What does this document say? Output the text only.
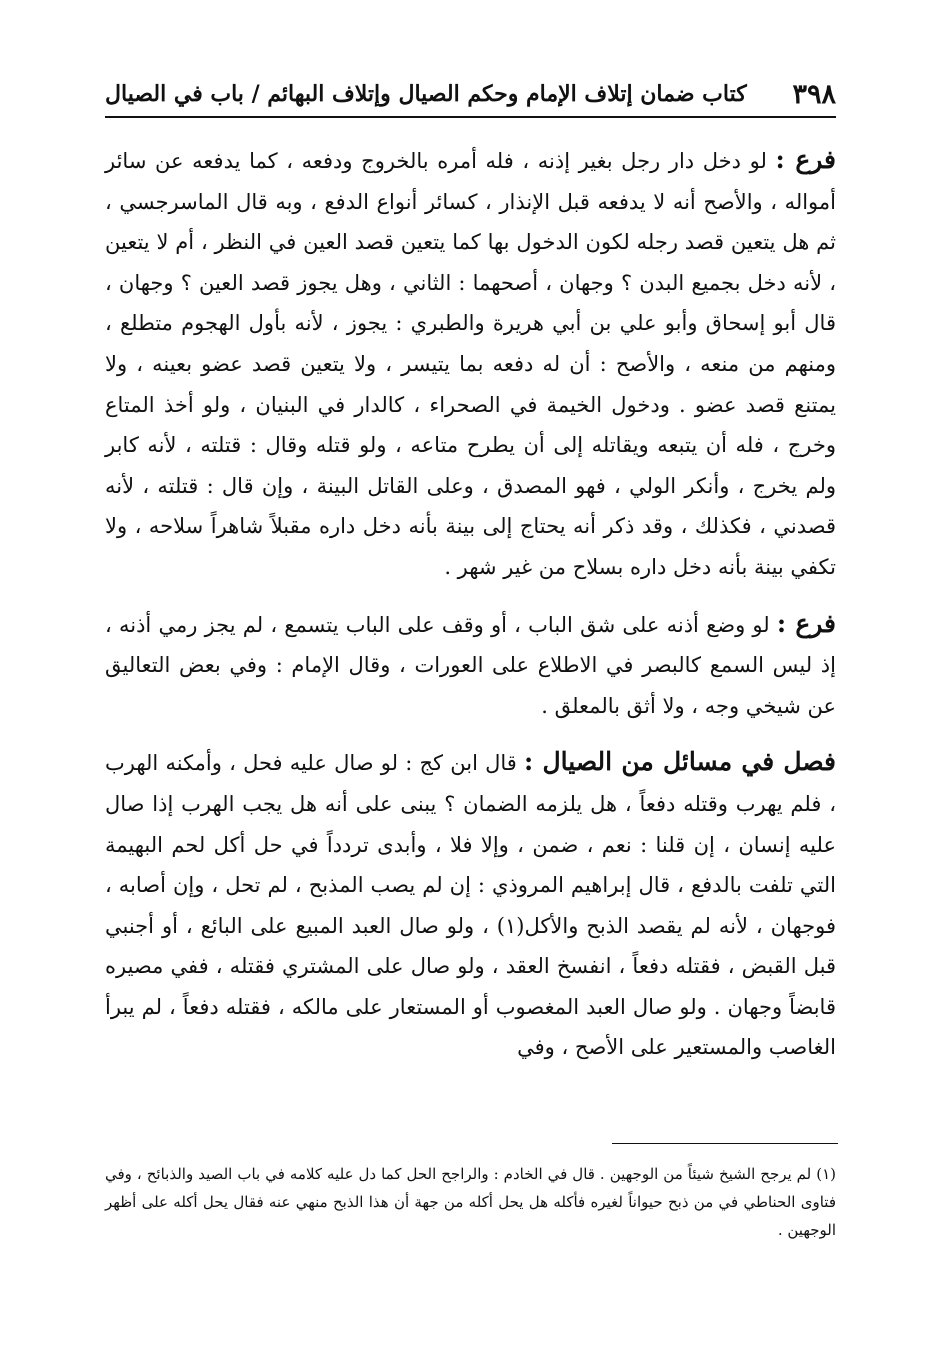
٣٩٨
كتاب ضمان إتلاف الإمام وحكم الصيال وإتلاف البهائم / باب في الصيال

فرع : لو دخل دار رجل بغير إذنه ، فله أمره بالخروج ودفعه ، كما يدفعه عن سائر أمواله ، والأصح أنه لا يدفعه قبل الإنذار ، كسائر أنواع الدفع ، وبه قال الماسرجسي ، ثم هل يتعين قصد رجله لكون الدخول بها كما يتعين قصد العين في النظر ، أم لا يتعين ، لأنه دخل بجميع البدن ؟ وجهان ، أصحهما : الثاني ، وهل يجوز قصد العين ؟ وجهان ، قال أبو إسحاق وأبو علي بن أبي هريرة والطبري : يجوز ، لأنه بأول الهجوم متطلع ، ومنهم من منعه ، والأصح : أن له دفعه بما يتيسر ، ولا يتعين قصد عضو بعينه ، ولا يمتنع قصد عضو . ودخول الخيمة في الصحراء ، كالدار في البنيان ، ولو أخذ المتاع وخرج ، فله أن يتبعه ويقاتله إلى أن يطرح متاعه ، ولو قتله وقال : قتلته ، لأنه كابر ولم يخرج ، وأنكر الولي ، فهو المصدق ، وعلى القاتل البينة ، وإن قال : قتلته ، لأنه قصدني ، فكذلك ، وقد ذكر أنه يحتاج إلى بينة بأنه دخل داره مقبلاً شاهراً سلاحه ، ولا تكفي بينة بأنه دخل داره بسلاح من غير شهر .

فرع : لو وضع أذنه على شق الباب ، أو وقف على الباب يتسمع ، لم يجز رمي أذنه ، إذ ليس السمع كالبصر في الاطلاع على العورات ، وقال الإمام : وفي بعض التعاليق عن شيخي وجه ، ولا أثق بالمعلق .

فصل في مسائل من الصيال : قال ابن كج : لو صال عليه فحل ، وأمكنه الهرب ، فلم يهرب وقتله دفعاً ، هل يلزمه الضمان ؟ يبنى على أنه هل يجب الهرب إذا صال عليه إنسان ، إن قلنا : نعم ، ضمن ، وإلا فلا ، وأبدى تردداً في حل أكل لحم البهيمة التي تلفت بالدفع ، قال إبراهيم المروذي : إن لم يصب المذبح ، لم تحل ، وإن أصابه ، فوجهان ، لأنه لم يقصد الذبح والأكل(١) ، ولو صال العبد المبيع على البائع ، أو أجنبي قبل القبض ، فقتله دفعاً ، انفسخ العقد ، ولو صال على المشتري فقتله ، ففي مصيره قابضاً وجهان . ولو صال العبد المغصوب أو المستعار على مالكه ، فقتله دفعاً ، لم يبرأ الغاصب والمستعير على الأصح ، وفي

(١) لم يرجح الشيخ شيئاً من الوجهين . قال في الخادم : والراجح الحل كما دل عليه كلامه في باب الصيد والذبائح ، وفي فتاوى الحناطي في من ذبح حيواناً لغيره فأكله هل يحل أكله من جهة أن هذا الذبح منهي عنه فقال يحل أكله على أظهر الوجهين .
